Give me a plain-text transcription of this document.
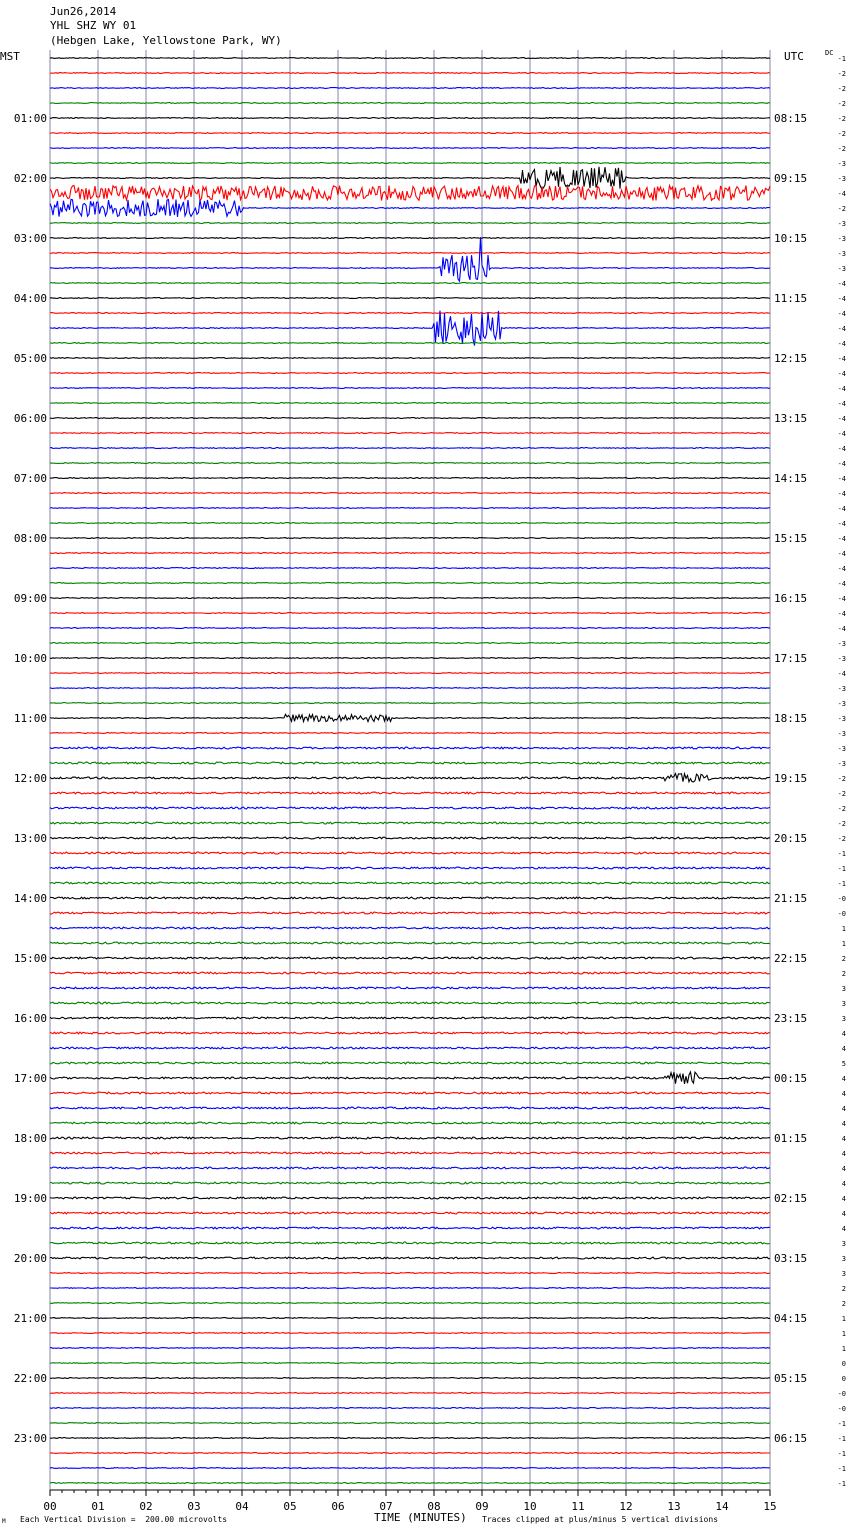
Jun26,2014
YHL SHZ WY 01
(Hebgen Lake, Yellowstone Park, WY)
MST	UTC	DC
00	01	02	03	04	05	06	07	08	09	10	11	12	13	14	15
-1
-2
-2
-2
-2
-2
-2
-3
-3
-4
-2
-3
-3
-3
-3
-4
-4
-4
-4
-4
-4
-4
-4
-4
-4
-4
-4
-4
-4
-4
-4
-4
-4
-4
-4
-4
-4
-4
-4
-3
-3
-4
-3
-3
-3
-3
-3
-3
-2
-2
-2
-2
-2
-1
-1
-1
-0
-0
1
1
2
2
3
3
3
4
4
5
4
4
4
4
4
4
4
4
4
4
4
3
3
3
2
2
1
1
1
0
0
-0
-0
-1
-1
-1
-1
-1
01:00
02:00
03:00
04:00
05:00
06:00
07:00
08:00
09:00
10:00
11:00
12:00
13:00
14:00
15:00
16:00
17:00
18:00
19:00
20:00
21:00
22:00
23:00
08:15
09:15
10:15
11:15
12:15
13:15
14:15
15:15
16:15
17:15
18:15
19:15
20:15
21:15
22:15
23:15
00:15
01:15
02:15
03:15
04:15
05:15
06:15
Each Vertical Division =  200.00 microvolts	TIME (MINUTES) Traces clipped at plus/minus 5 vertical divisions
M
